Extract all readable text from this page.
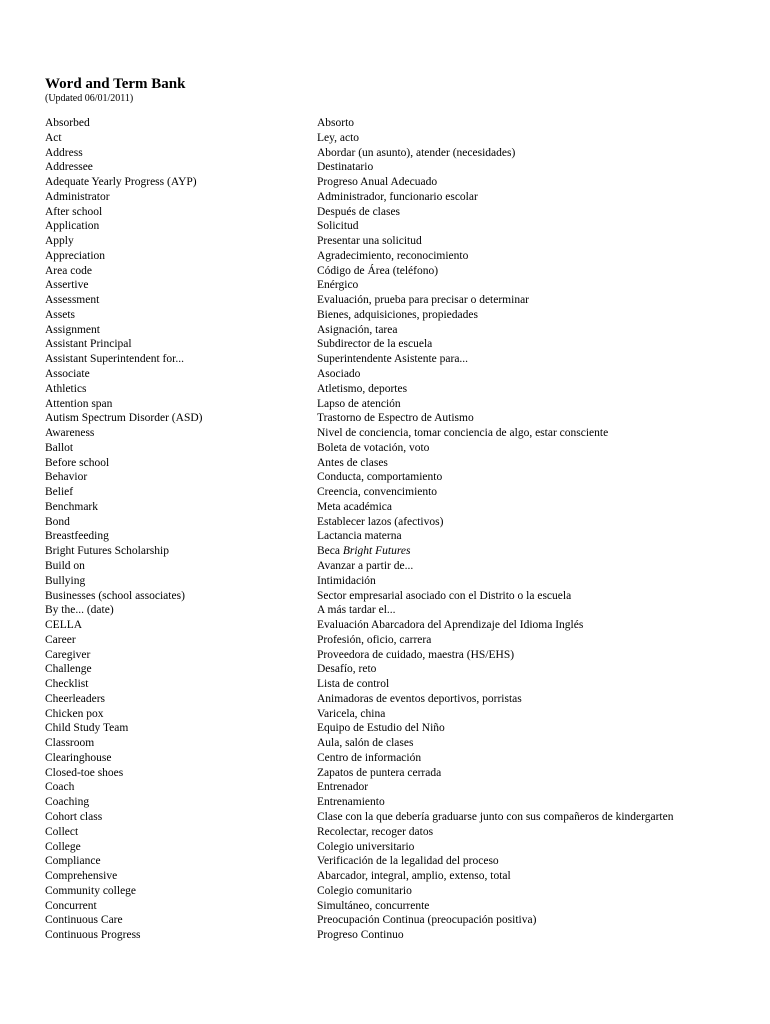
Word and Term Bank
(Updated 06/01/2011)
Absorbed	Absorto
Act	Ley, acto
Address	Abordar (un asunto), atender (necesidades)
Addressee	Destinatario
Adequate Yearly Progress (AYP)	Progreso Anual Adecuado
Administrator	Administrador, funcionario escolar
After school	Después de clases
Application	Solicitud
Apply	Presentar una solicitud
Appreciation	Agradecimiento, reconocimiento
Area code	Código de Área (teléfono)
Assertive	Enérgico
Assessment	Evaluación, prueba para precisar o determinar
Assets	Bienes, adquisiciones, propiedades
Assignment	Asignación, tarea
Assistant Principal	Subdirector de la escuela
Assistant Superintendent for...	Superintendente Asistente para...
Associate	Asociado
Athletics	Atletismo, deportes
Attention span	Lapso de atención
Autism Spectrum Disorder (ASD)	Trastorno de Espectro de Autismo
Awareness	Nivel de conciencia, tomar conciencia de algo, estar consciente
Ballot	Boleta de votación, voto
Before school	Antes de clases
Behavior	Conducta, comportamiento
Belief	Creencia, convencimiento
Benchmark	Meta académica
Bond	Establecer lazos (afectivos)
Breastfeeding	Lactancia materna
Bright Futures Scholarship	Beca Bright Futures
Build on	Avanzar a partir de...
Bullying	Intimidación
Businesses (school associates)	Sector empresarial asociado con el Distrito o la escuela
By the... (date)	A más tardar el...
CELLA	Evaluación Abarcadora del Aprendizaje del Idioma Inglés
Career	Profesión, oficio, carrera
Caregiver	Proveedora de cuidado, maestra (HS/EHS)
Challenge	Desafío, reto
Checklist	Lista de control
Cheerleaders	Animadoras de eventos deportivos, porristas
Chicken pox	Varicela, china
Child Study Team	Equipo de Estudio del Niño
Classroom	Aula, salón de clases
Clearinghouse	Centro de información
Closed-toe shoes	Zapatos de puntera cerrada
Coach	Entrenador
Coaching	Entrenamiento
Cohort class	Clase con la que debería graduarse junto con sus compañeros de kindergarten
Collect	Recolectar, recoger datos
College	Colegio universitario
Compliance	Verificación de la legalidad del proceso
Comprehensive	Abarcador, integral, amplio, extenso, total
Community college	Colegio comunitario
Concurrent	Simultáneo, concurrente
Continuous Care	Preocupación Continua (preocupación positiva)
Continuous Progress	Progreso Continuo
